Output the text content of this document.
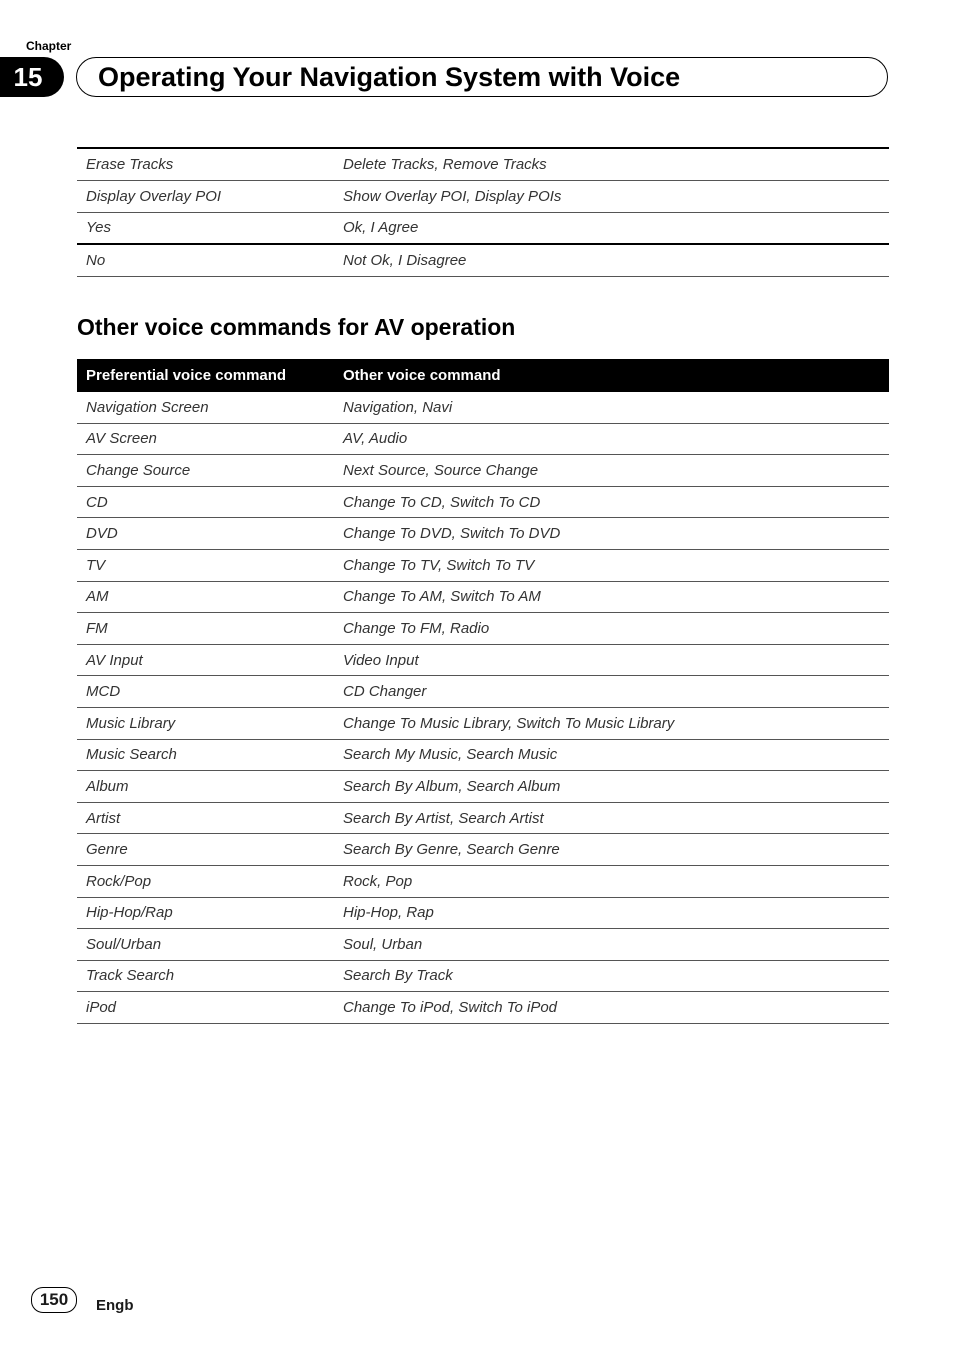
Chapter
15	Operating Your Navigation System with Voice
Erase Tracks	Delete Tracks, Remove Tracks
Display Overlay POI	Show Overlay POI, Display POIs
Yes	Ok, I Agree
No	Not Ok, I Disagree
Other voice commands for AV operation
Preferential voice command	Other voice command
Navigation Screen	Navigation, Navi
AV Screen	AV, Audio
Change Source	Next Source, Source Change
CD	Change To CD, Switch To CD
DVD	Change To DVD, Switch To DVD
TV	Change To TV, Switch To TV
AM	Change To AM, Switch To AM
FM	Change To FM, Radio
AV Input	Video Input
MCD	CD Changer
Music Library	Change To Music Library, Switch To Music Library
Music Search	Search My Music, Search Music
Album	Search By Album, Search Album
Artist	Search By Artist, Search Artist
Genre	Search By Genre, Search Genre
Rock/Pop	Rock, Pop
Hip-Hop/Rap	Hip-Hop, Rap
Soul/Urban	Soul, Urban
Track Search	Search By Track
iPod	Change To iPod, Switch To iPod
150	Engb
